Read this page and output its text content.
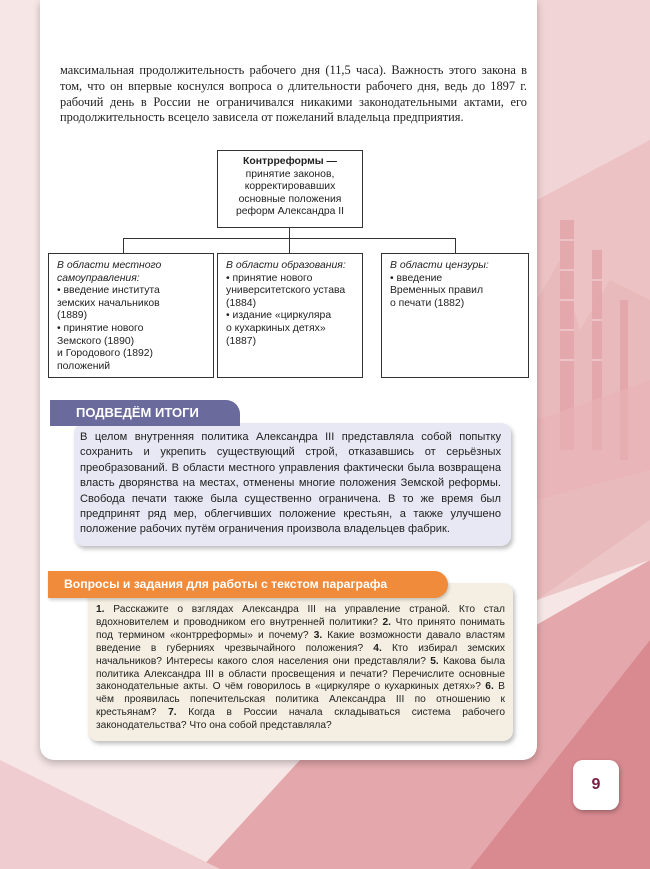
максимальная продолжительность рабочего дня (11,5 часа). Важность этого закона в том, что он впервые коснулся вопроса о длительности рабочего дня, ведь до 1897 г. рабочий день в России не ограничивался никакими законодательными актами, его продолжительность всецело зависела от пожеланий владельца предприятия.

Контрреформы —
принятие законов,
корректировавших
основные положения
реформ Александра II
В области местного
самоуправления:
• введение института
земских начальников
(1889)
• принятие нового
Земского (1890)
и Городового (1892)
положений
В области образования:
• принятие нового
университетского устава
(1884)
• издание «циркуляра
о кухаркиных детях»
(1887)
В области цензуры:
• введение
Временных правил
о печати (1882)

В целом внутренняя политика Александра III представляла собой попытку сохранить и укрепить существующий строй, отказавшись от серьёзных преобразований. В области местного управления фактически была возвращена власть дворянства на местах, отменены многие положения Земской реформы. Свобода печати также была существенно ограничена. В то же время был предпринят ряд мер, облегчивших положение крестьян, а также улучшено положение рабочих путём ограничения произвола владельцев фабрик.

ПОДВЕДЁМ ИТОГИ

1. Расскажите о взглядах Александра III на управление страной. Кто стал вдохновителем и проводником его внутренней политики? 2. Что принято понимать под термином «контрреформы» и почему? 3. Какие возможности давало властям введение в губерниях чрезвычайного положения? 4. Кто избирал земских начальников? Интересы какого слоя населения они представляли? 5. Какова была политика Александра III в области просвещения и печати? Перечислите основные законодательные акты. О чём говорилось в «циркуляре о кухаркиных детях»? 6. В чём проявилась попечительская политика Александра III по отношению к крестьянам? 7. Когда в России начала складываться система рабочего законодательства? Что она собой представляла?

Вопросы и задания для работы с текстом параграфа
9
